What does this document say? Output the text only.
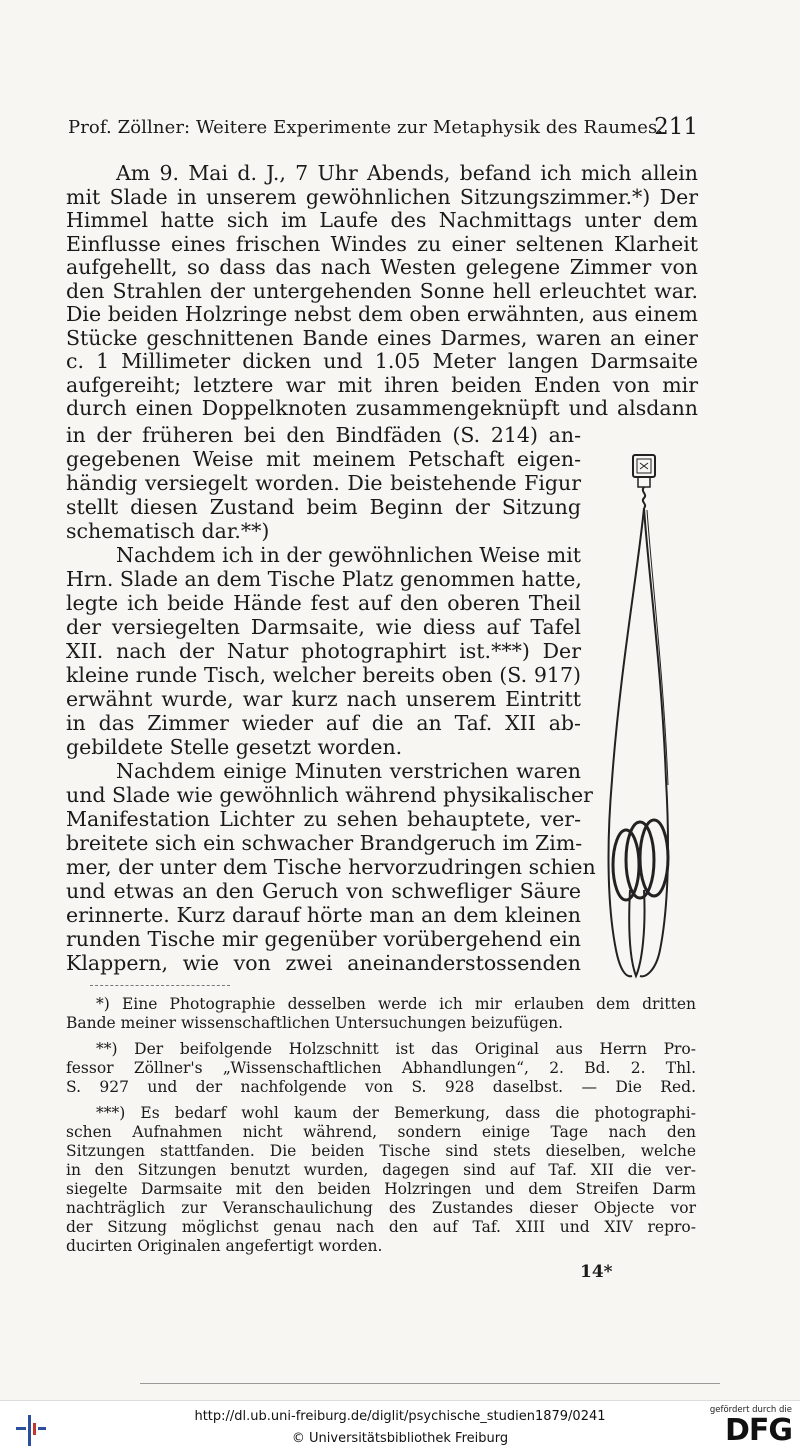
Prof. Zöllner: Weitere Experimente zur Metaphysik des Raumes.
211
Am 9. Mai d. J., 7 Uhr Abends, befand ich mich allein
mit Slade in unserem gewöhnlichen Sitzungszimmer.*) Der
Himmel hatte sich im Laufe des Nachmittags unter dem
Einflusse eines frischen Windes zu einer seltenen Klarheit
aufgehellt, so dass das nach Westen gelegene Zimmer von
den Strahlen der untergehenden Sonne hell erleuchtet war.
Die beiden Holzringe nebst dem oben erwähnten, aus einem
Stücke geschnittenen Bande eines Darmes, waren an einer
c. 1 Millimeter dicken und 1.05 Meter langen Darmsaite
aufgereiht; letztere war mit ihren beiden Enden von mir
durch einen Doppelknoten zusammengeknüpft und alsdann
in der früheren bei den Bindfäden (S. 214) an-
gegebenen Weise mit meinem Petschaft eigen-
händig versiegelt worden. Die beistehende Figur
stellt diesen Zustand beim Beginn der Sitzung
schematisch dar.**)
Nachdem ich in der gewöhnlichen Weise mit
Hrn. Slade an dem Tische Platz genommen hatte,
legte ich beide Hände fest auf den oberen Theil
der versiegelten Darmsaite, wie diess auf Tafel
XII. nach der Natur photographirt ist.***) Der
kleine runde Tisch, welcher bereits oben (S. 917)
erwähnt wurde, war kurz nach unserem Eintritt
in das Zimmer wieder auf die an Taf. XII ab-
gebildete Stelle gesetzt worden.
Nachdem einige Minuten verstrichen waren
und Slade wie gewöhnlich während physikalischer
Manifestation Lichter zu sehen behauptete, ver-
breitete sich ein schwacher Brandgeruch im Zim-
mer, der unter dem Tische hervorzudringen schien
und etwas an den Geruch von schwefliger Säure
erinnerte. Kurz darauf hörte man an dem kleinen
runden Tische mir gegenüber vorübergehend ein
Klappern, wie von zwei aneinanderstossenden
*) Eine Photographie desselben werde ich mir erlauben dem dritten
Bande meiner wissenschaftlichen Untersuchungen beizufügen.
**) Der beifolgende Holzschnitt ist das Original aus Herrn Pro-
fessor Zöllner's „Wissenschaftlichen Abhandlungen“, 2. Bd. 2. Thl.
S. 927 und der nachfolgende von S. 928 daselbst. — Die Red.
***) Es bedarf wohl kaum der Bemerkung, dass die photographi-
schen Aufnahmen nicht während, sondern einige Tage nach den
Sitzungen stattfanden. Die beiden Tische sind stets dieselben, welche
in den Sitzungen benutzt wurden, dagegen sind auf Taf. XII die ver-
siegelte Darmsaite mit den beiden Holzringen und dem Streifen Darm
nachträglich zur Veranschaulichung des Zustandes dieser Objecte vor
der Sitzung möglichst genau nach den auf Taf. XIII und XIV repro-
ducirten Originalen angefertigt worden.
14*
http://dl.ub.uni-freiburg.de/diglit/psychische_studien1879/0241
© Universitätsbibliothek Freiburg
gefördert durch die
DFG
